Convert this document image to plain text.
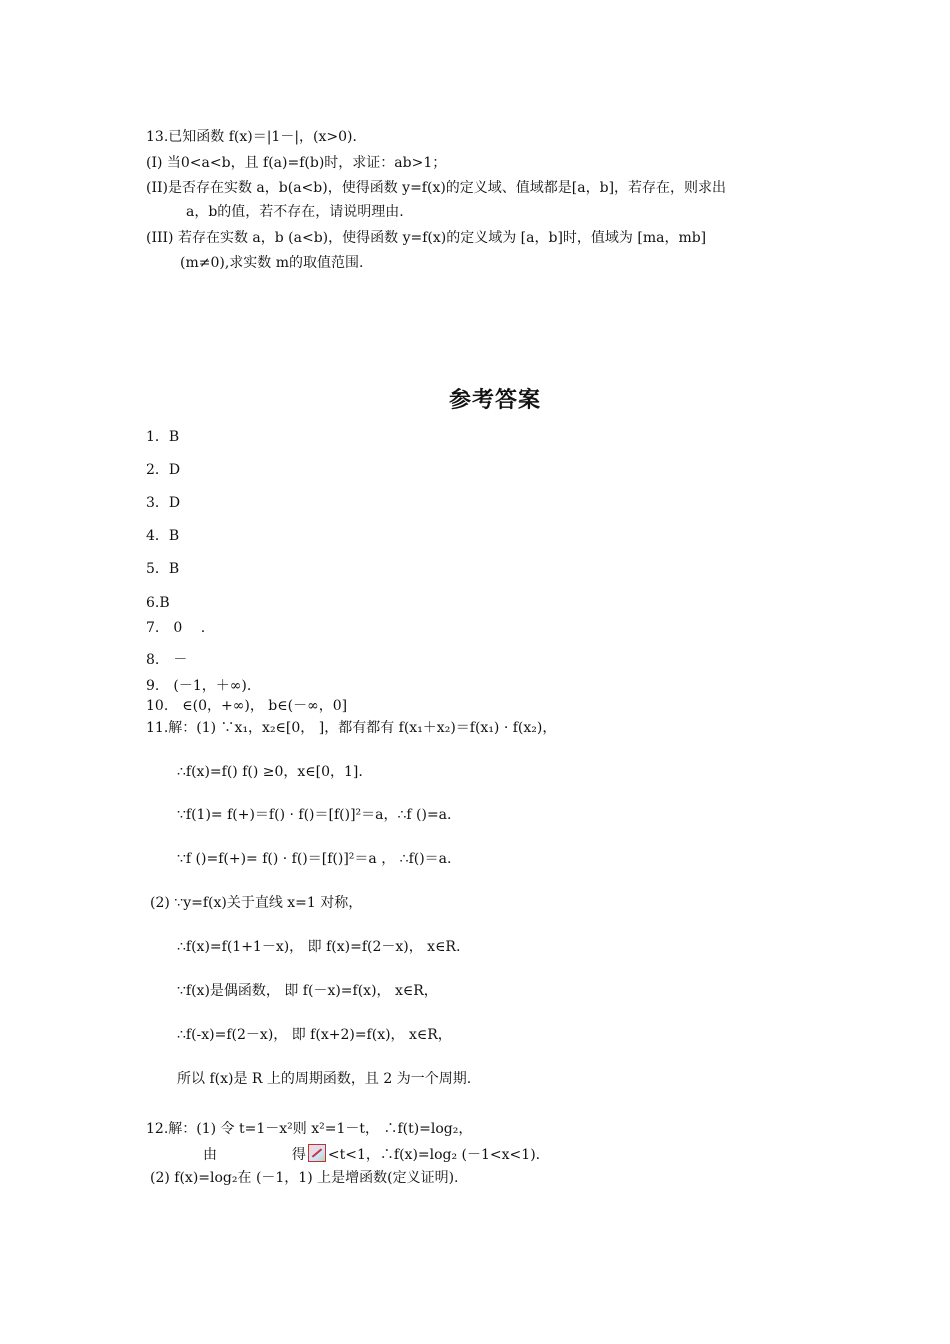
13.已知函数 f(x)＝|1－|，(x>0)．
(I) 当0<a<b，且 f(a)=f(b)时，求证：ab>1；
(II)是否存在实数 a，b(a<b)，使得函数 y=f(x)的定义域、值域都是[a，b]，若存在，则求出
a，b的值，若不存在，请说明理由.
(III) 若存在实数 a，b (a<b)，使得函数 y=f(x)的定义域为 [a，b]时，值域为 [ma，mb]
(m≠0),求实数 m的取值范围.
参考答案
1．B
2．D
3．D
4．B
5．B
6.B
7.　0　 .
8.　－
9.　(－1，＋∞).
10.　∈(0，+∞)， b∈(－∞，0]
11.解：(1) ∵x₁，x₂∈[0， ]，都有都有 f(x₁＋x₂)＝f(x₁) · f(x₂)，
∴f(x)=f() f() ≥0，x∈[0，1].
∵f(1)= f(+)＝f() · f()＝[f()]²＝a，∴f ()=a.
∵f ()=f(+)= f() · f()＝[f()]²＝a ， ∴f()＝a.
(2) ∵y=f(x)关于直线 x=1 对称，
∴f(x)=f(1+1－x)， 即 f(x)=f(2－x)， x∈R.
∵f(x)是偶函数， 即 f(－x)=f(x)， x∈R，
∴f(-x)=f(2－x)， 即 f(x+2)=f(x)， x∈R，
所以 f(x)是 R 上的周期函数，且 2 为一个周期.
12.解：(1) 令 t=1－x²则 x²=1－t， ∴f(t)=log₂，
由	得 <t<1，∴f(x)=log₂ (－1<x<1).
(2) f(x)=log₂在 (－1，1) 上是增函数(定义证明).
